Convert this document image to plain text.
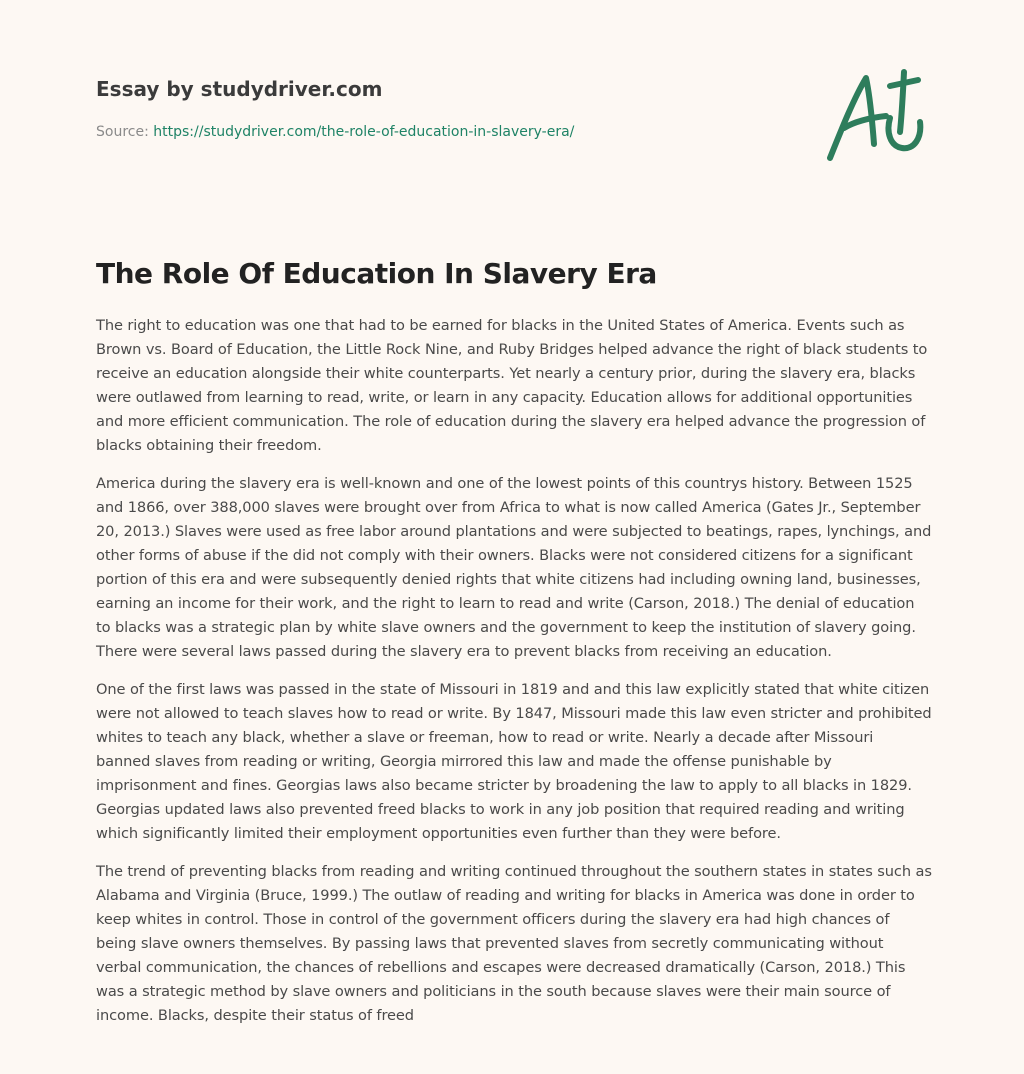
Essay by studydriver.com
Source: https://studydriver.com/the-role-of-education-in-slavery-era/
The Role Of Education In Slavery Era

The right to education was one that had to be earned for blacks in the United States of America. Events such as Brown vs. Board of Education, the Little Rock Nine, and Ruby Bridges helped advance the right of black students to receive an education alongside their white counterparts. Yet nearly a century prior, during the slavery era, blacks were outlawed from learning to read, write, or learn in any capacity. Education allows for additional opportunities and more efficient communication. The role of education during the slavery era helped advance the progression of blacks obtaining their freedom.

America during the slavery era is well-known and one of the lowest points of this countrys history. Between 1525 and 1866, over 388,000 slaves were brought over from Africa to what is now called America (Gates Jr., September 20, 2013.) Slaves were used as free labor around plantations and were subjected to beatings, rapes, lynchings, and other forms of abuse if the did not comply with their owners. Blacks were not considered citizens for a significant portion of this era and were subsequently denied rights that white citizens had including owning land, businesses, earning an income for their work, and the right to learn to read and write (Carson, 2018.) The denial of education to blacks was a strategic plan by white slave owners and the government to keep the institution of slavery going. There were several laws passed during the slavery era to prevent blacks from receiving an education.

One of the first laws was passed in the state of Missouri in 1819 and and this law explicitly stated that white citizen were not allowed to teach slaves how to read or write. By 1847, Missouri made this law even stricter and prohibited whites to teach any black, whether a slave or freeman, how to read or write. Nearly a decade after Missouri banned slaves from reading or writing, Georgia mirrored this law and made the offense punishable by imprisonment and fines. Georgias laws also became stricter by broadening the law to apply to all blacks in 1829. Georgias updated laws also prevented freed blacks to work in any job position that required reading and writing which significantly limited their employment opportunities even further than they were before.

The trend of preventing blacks from reading and writing continued throughout the southern states in states such as Alabama and Virginia (Bruce, 1999.) The outlaw of reading and writing for blacks in America was done in order to keep whites in control. Those in control of the government officers during the slavery era had high chances of being slave owners themselves. By passing laws that prevented slaves from secretly communicating without verbal communication, the chances of rebellions and escapes were decreased dramatically (Carson, 2018.) This was a strategic method by slave owners and politicians in the south because slaves were their main source of income. Blacks, despite their status of freed
